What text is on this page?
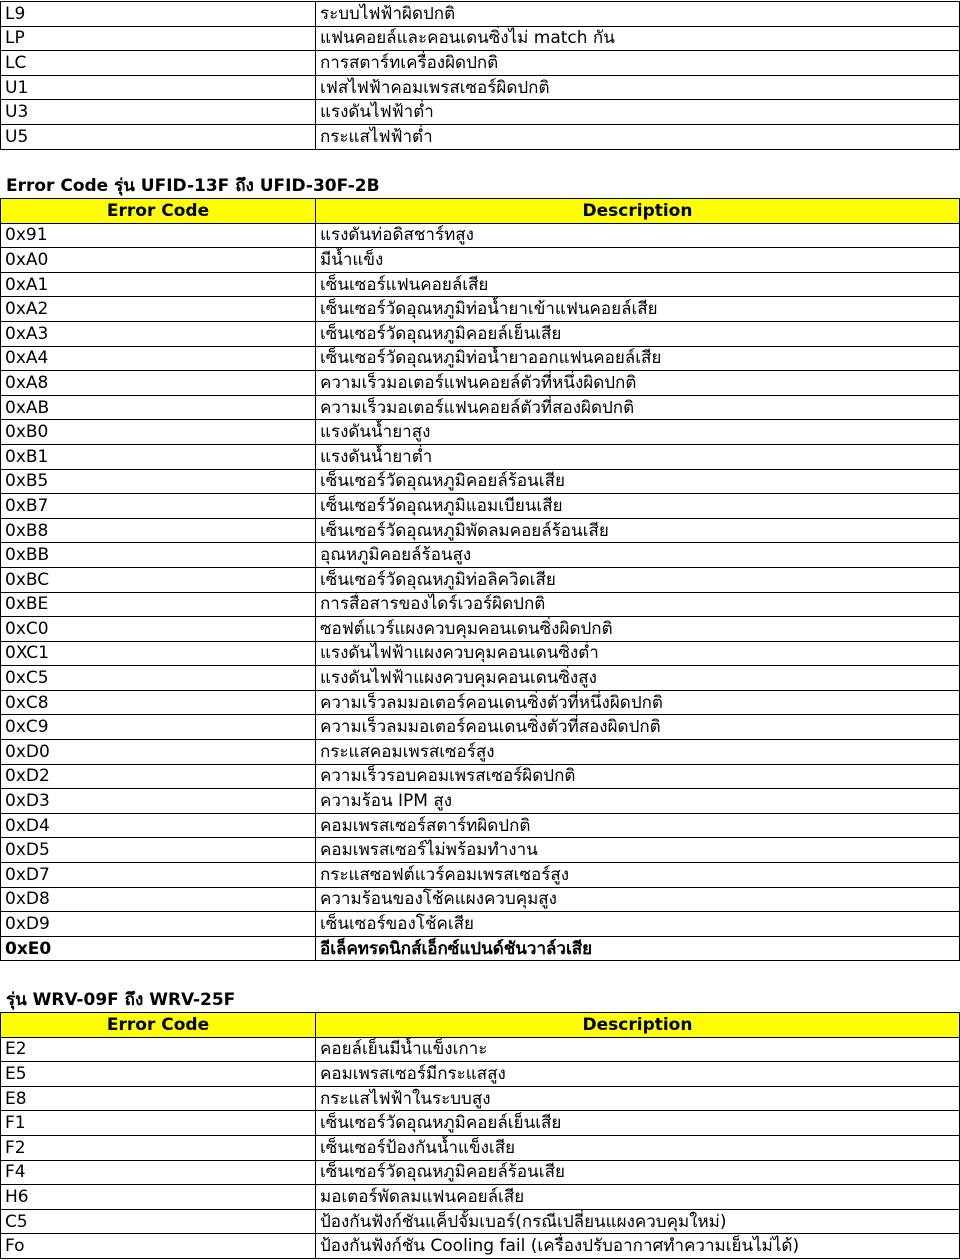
L9	ระบบไฟฟ้าผิดปกติ
LP	แฟนคอยล์และคอนเดนซิ่งไม่ match กัน
LC	การสตาร์ทเครื่องผิดปกติ
U1	เฟสไฟฟ้าคอมเพรสเซอร์ผิดปกติ
U3	แรงดันไฟฟ้าต่ำ
U5	กระแสไฟฟ้าต่ำ
Error Code รุ่น UFID-13F ถึง UFID-30F-2B
Error Code	Description
0x91	แรงดันท่อดิสชาร์ทสูง
0xA0	มีน้ำแข็ง
0xA1	เซ็นเซอร์แฟนคอยล์เสีย
0xA2	เซ็นเซอร์วัดอุณหภูมิท่อน้ำยาเข้าแฟนคอยล์เสีย
0xA3	เซ็นเซอร์วัดอุณหภูมิคอยล์เย็นเสีย
0xA4	เซ็นเซอร์วัดอุณหภูมิท่อน้ำยาออกแฟนคอยล์เสีย
0xA8	ความเร็วมอเตอร์แฟนคอยล์ตัวที่หนึ่งผิดปกติ
0xAB	ความเร็วมอเตอร์แฟนคอยล์ตัวที่สองผิดปกติ
0xB0	แรงดันน้ำยาสูง
0xB1	แรงดันน้ำยาต่ำ
0xB5	เซ็นเซอร์วัดอุณหภูมิคอยล์ร้อนเสีย
0xB7	เซ็นเซอร์วัดอุณหภูมิแอมเบียนเสีย
0xB8	เซ็นเซอร์วัดอุณหภูมิพัดลมคอยล์ร้อนเสีย
0xBB	อุณหภูมิคอยล์ร้อนสูง
0xBC	เซ็นเซอร์วัดอุณหภูมิท่อลิควิดเสีย
0xBE	การสื่อสารของไดร์เวอร์ผิดปกติ
0xC0	ซอฟต์แวร์แผงควบคุมคอนเดนซิ่งผิดปกติ
0XC1	แรงดันไฟฟ้าแผงควบคุมคอนเดนซิ่งต่ำ
0xC5	แรงดันไฟฟ้าแผงควบคุมคอนเดนซิ่งสูง
0xC8	ความเร็วลมมอเตอร์คอนเดนซิ่งตัวที่หนึ่งผิดปกติ
0xC9	ความเร็วลมมอเตอร์คอนเดนซิ่งตัวที่สองผิดปกติ
0xD0	กระแสคอมเพรสเซอร์สูง
0xD2	ความเร็วรอบคอมเพรสเซอร์ผิดปกติ
0xD3	ความร้อน IPM สูง
0xD4	คอมเพรสเซอร์สตาร์ทผิดปกติ
0xD5	คอมเพรสเซอร์ไม่พร้อมทำงาน
0xD7	กระแสซอฟต์แวร์คอมเพรสเซอร์สูง
0xD8	ความร้อนของโช้คแผงควบคุมสูง
0xD9	เซ็นเซอร์ของโช้คเสีย
0xE0	อีเล็คทรดนิกส์เอ็กซ์แปนด์ชันวาล์วเสีย
รุ่น WRV-09F ถึง WRV-25F
Error Code	Description
E2	คอยล์เย็นมีน้ำแข็งเกาะ
E5	คอมเพรสเซอร์มีกระแสสูง
E8	กระแสไฟฟ้าในระบบสูง
F1	เซ็นเซอร์วัดอุณหภูมิคอยล์เย็นเสีย
F2	เซ็นเซอร์ป้องกันน้ำแข็งเสีย
F4	เซ็นเซอร์วัดอุณหภูมิคอยล์ร้อนเสีย
H6	มอเตอร์พัดลมแฟนคอยล์เสีย
C5	ป้องกันฟังก์ชันแค็ปจั้มเบอร์(กรณีเปลี่ยนแผงควบคุมใหม่)
Fo	ป้องกันฟังก์ชัน Cooling fail (เครื่องปรับอากาศทำความเย็นไม่ได้)
